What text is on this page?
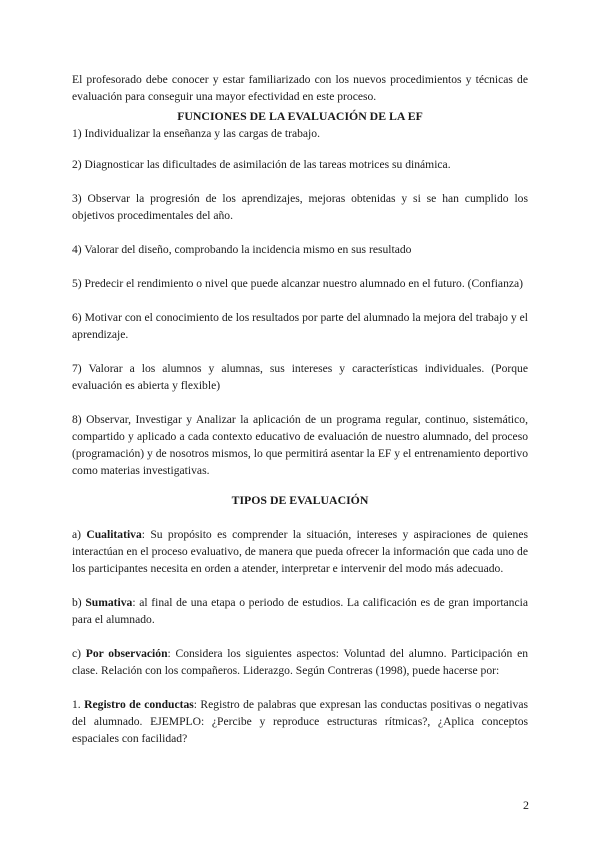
El profesorado debe conocer y estar familiarizado con los nuevos procedimientos y técnicas de evaluación para conseguir una mayor efectividad en este proceso.

FUNCIONES DE LA EVALUACIÓN DE LA EF

1) Individualizar la enseñanza y las cargas de trabajo.

2) Diagnosticar las dificultades de asimilación de las tareas motrices su dinámica.

3) Observar la progresión de los aprendizajes, mejoras obtenidas y si se han cumplido los objetivos procedimentales del año.

4) Valorar del diseño, comprobando la incidencia mismo en sus resultado

5) Predecir el rendimiento o nivel que puede alcanzar nuestro alumnado en el futuro. (Confianza)

6) Motivar con el conocimiento de los resultados por parte del alumnado la mejora del trabajo y el aprendizaje.

7) Valorar a los alumnos y alumnas, sus intereses y características individuales. (Porque evaluación es abierta y flexible)

8) Observar, Investigar y Analizar la aplicación de un programa regular, continuo, sistemático, compartido y aplicado a cada contexto educativo de evaluación de nuestro alumnado, del proceso (programación) y de nosotros mismos, lo que permitirá asentar la EF y el entrenamiento deportivo como materias investigativas.

TIPOS DE EVALUACIÓN

a) Cualitativa: Su propósito es comprender la situación, intereses y aspiraciones de quienes interactúan en el proceso evaluativo, de manera que pueda ofrecer la información que cada uno de los participantes necesita en orden a atender, interpretar e intervenir del modo más adecuado.

b) Sumativa: al final de una etapa o periodo de estudios. La calificación es de gran importancia para el alumnado.

c) Por observación: Considera los siguientes aspectos: Voluntad del alumno. Participación en clase. Relación con los compañeros. Liderazgo. Según Contreras (1998), puede hacerse por:

1. Registro de conductas: Registro de palabras que expresan las conductas positivas o negativas del alumnado. EJEMPLO: ¿Percibe y reproduce estructuras rítmicas?, ¿Aplica conceptos espaciales con facilidad?

2
